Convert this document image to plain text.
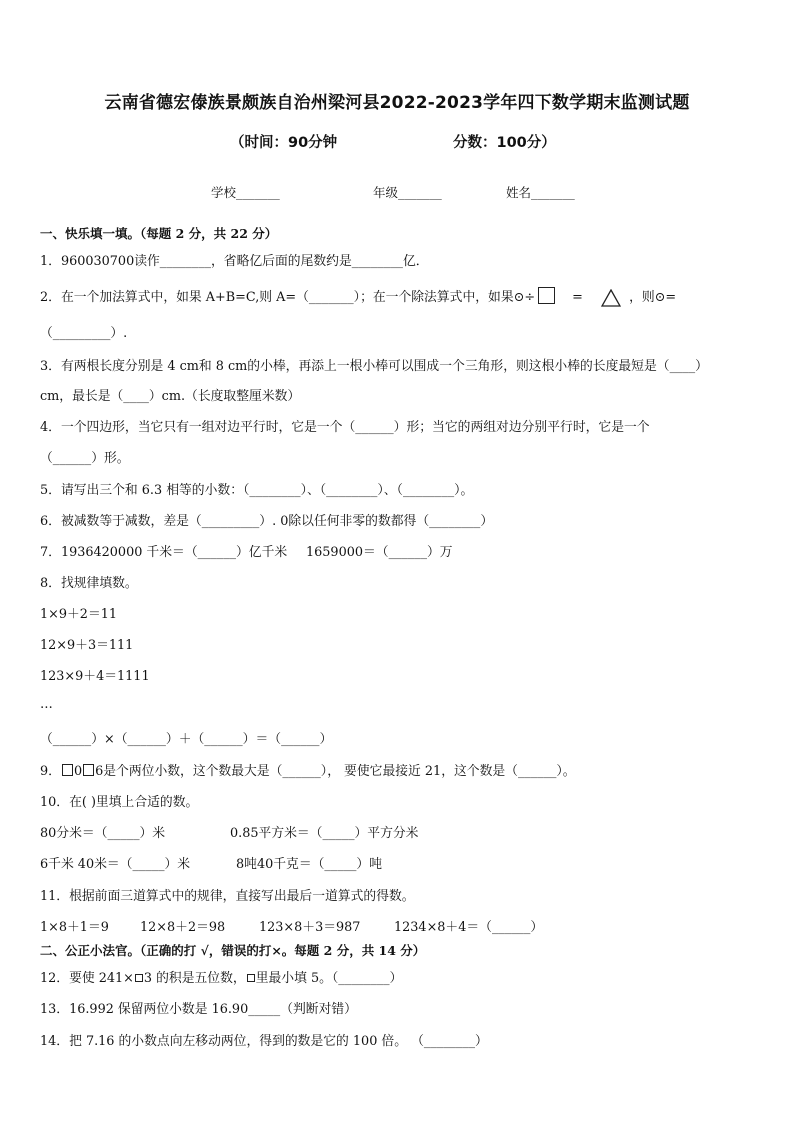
云南省德宏傣族景颇族自治州梁河县2022-2023学年四下数学期末监测试题
（时间：90分钟	分数：100分）
学校_______	年级_______	姓名_______
一、快乐填一填。（每题 2 分，共 22 分）
1．960030700读作________，省略亿后面的尾数约是________亿．
2．在一个加法算式中，如果 A+B=C,则 A=（_______）；在一个除法算式中，如果⊙÷	=	，则⊙=
（_________）.
3．有两根长度分别是 4 cm和 8 cm的小棒，再添上一根小棒可以围成一个三角形，则这根小棒的长度最短是（____）
cm，最长是（____）cm.（长度取整厘米数）
4．一个四边形，当它只有一组对边平行时，它是一个（______）形；当它的两组对边分别平行时，它是一个
（______）形。
5．请写出三个和 6.3 相等的小数：（________）、（________）、（________）。
6．被减数等于减数，差是（_________）. 0除以任何非零的数都得（________）
7．1936420000 千米＝（______）亿千米 1659000＝（______）万
8．找规律填数。
1×9＋2＝11
12×9＋3＝111
123×9＋4＝1111
…
（______）×（______）＋（______）＝（______）
9． 0 6是个两位小数，这个数最大是（______）， 要使它最接近 21，这个数是（______）。
10．在( )里填上合适的数。
80分米＝（_____）米	0.85平方米＝（_____）平方分米
6千米 40米＝（_____）米	8吨40千克＝（_____）吨
11．根据前面三道算式中的规律，直接写出最后一道算式的得数。
1×8＋1＝9 12×8＋2＝98	123×8＋3＝987	1234×8＋4＝（______）
二、公正小法官。（正确的打 √，错误的打×。每题 2 分，共 14 分）
12．要使 241× 3 的积是五位数， 里最小填 5。（________）
13．16.992 保留两位小数是 16.90_____（判断对错）
14．把 7.16 的小数点向左移动两位，得到的数是它的 100 倍。 （________）
